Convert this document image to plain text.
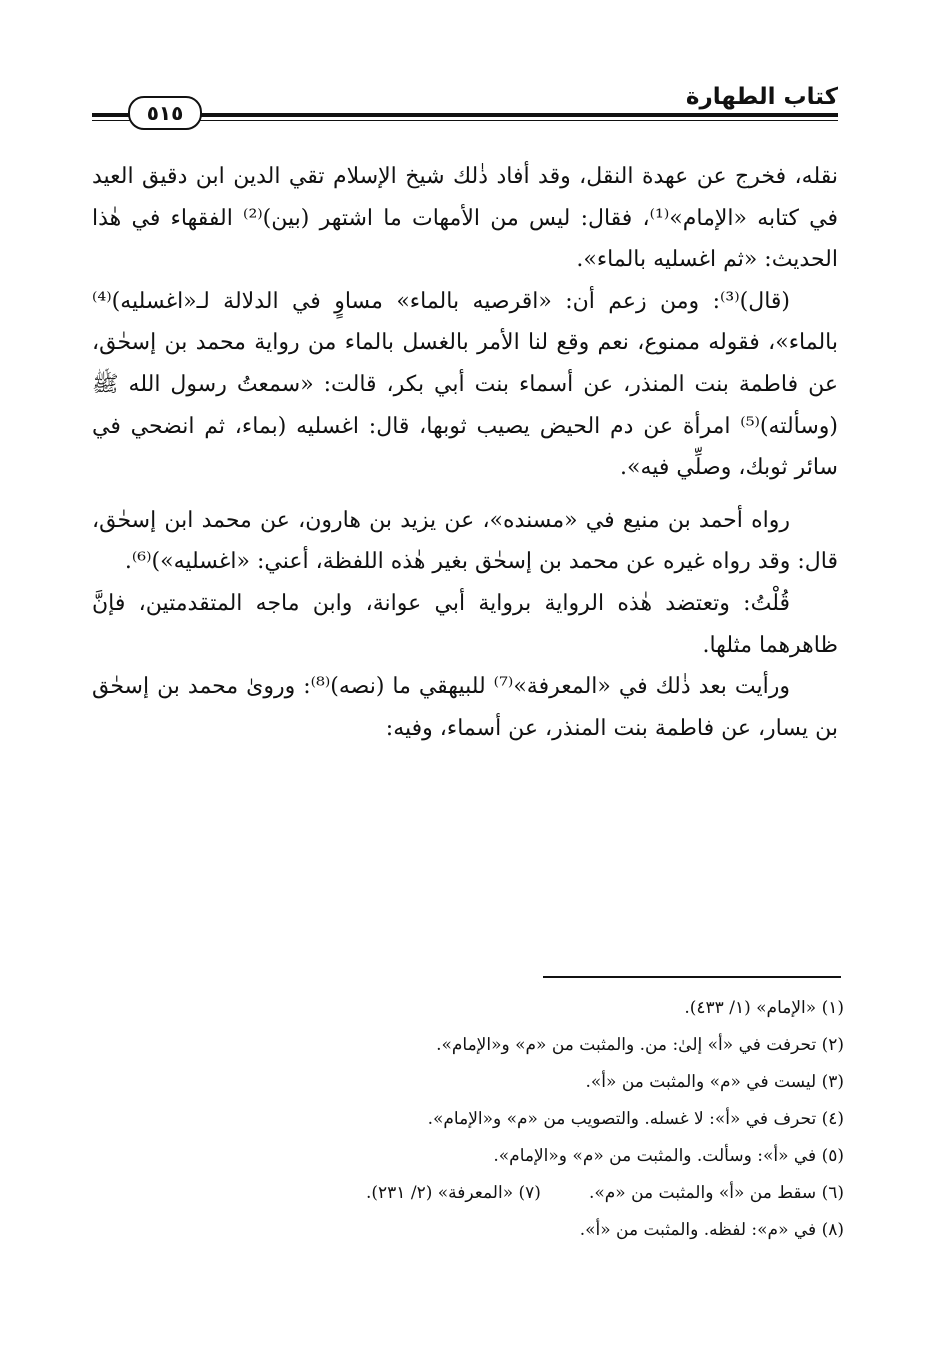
كتاب الطهارة
٥١٥

نقله، فخرج عن عهدة النقل، وقد أفاد ذٰلك شيخ الإسلام تقي الدين ابن دقيق العيد في كتابه «الإمام»⁽¹⁾، فقال: ليس من الأمهات ما اشتهر (بين)⁽²⁾ الفقهاء في هٰذا الحديث: «ثم اغسليه بالماء».

(قال)⁽³⁾: ومن زعم أن: «اقرصيه بالماء» مساوٍ في الدلالة لـ«اغسليه)⁽⁴⁾ بالماء»، فقوله ممنوع، نعم وقع لنا الأمر بالغسل بالماء من رواية محمد بن إسحٰق، عن فاطمة بنت المنذر، عن أسماء بنت أبي بكر، قالت: «سمعتُ رسول الله ﷺ (وسألته)⁽⁵⁾ امرأة عن دم الحيض يصيب ثوبها، قال: اغسليه (بماء، ثم انضحي في سائر ثوبك، وصلِّي فيه».

رواه أحمد بن منيع في «مسنده»، عن يزيد بن هارون، عن محمد ابن إسحٰق، قال: وقد رواه غيره عن محمد بن إسحٰق بغير هٰذه اللفظة، أعني: «اغسليه»)⁽⁶⁾.

قُلْتُ: وتعتضد هٰذه الرواية برواية أبي عوانة، وابن ماجه المتقدمتين، فإنَّ ظاهرهما مثلها.

ورأيت بعد ذٰلك في «المعرفة»⁽⁷⁾ للبيهقي ما (نصه)⁽⁸⁾: وروىٰ محمد بن إسحٰق بن يسار، عن فاطمة بنت المنذر، عن أسماء، وفيه:

(١) «الإمام» (١/ ٤٣٣).
(٢) تحرفت في «أ» إلىٰ: من. والمثبت من «م» و«الإمام».
(٣) ليست في «م» والمثبت من «أ».
(٤) تحرف في «أ»: لا غسله. والتصويب من «م» و«الإمام».
(٥) في «أ»: وسألت. والمثبت من «م» و«الإمام».
(٦) سقط من «أ» والمثبت من «م».
(٧) «المعرفة» (٢/ ٢٣١).
(٨) في «م»: لفظه. والمثبت من «أ».
